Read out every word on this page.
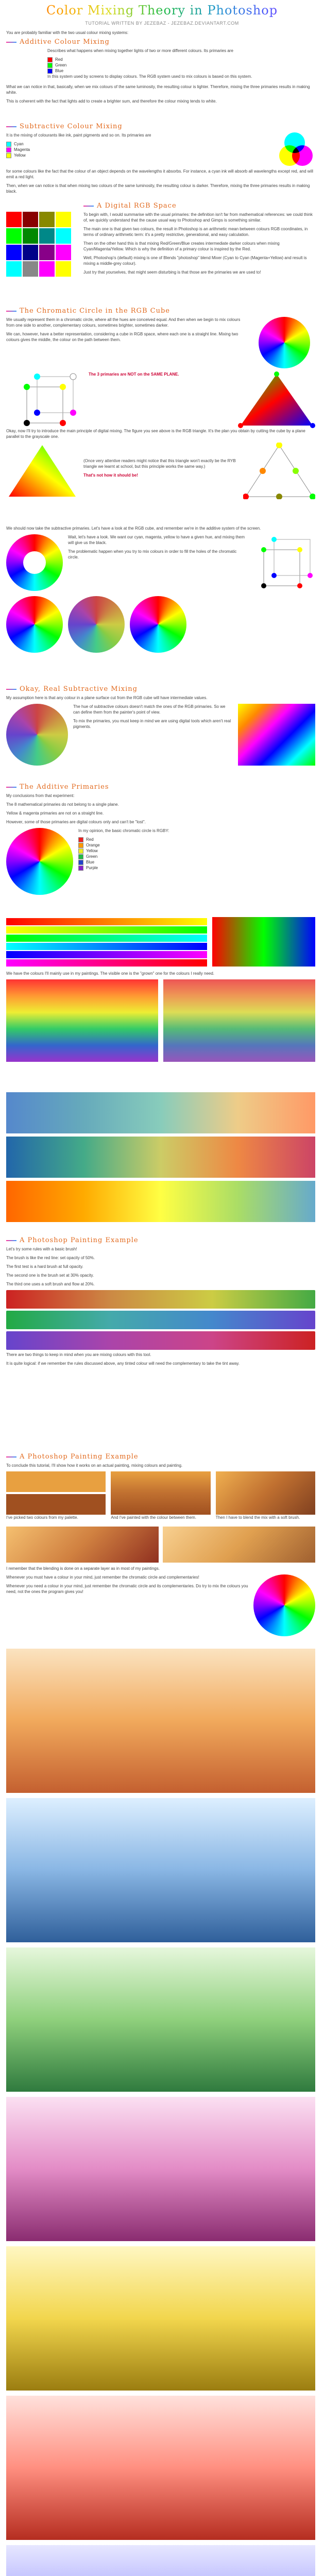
Color Mixing Theory in Photoshop
TUTORIAL WRITTEN BY JEZEBAZ - JEZEBAZ.DEVIANTART.COM

You are probably familiar with the two usual colour mixing systems:

Additive Colour Mixing

Describes what happens when mixing together lights of two or more different colours. Its primaries are

Red
Green
Blue

In this system used by screens to display colours. The RGB system used to mix colours is based on this system.

What we can notice in that, basically, when we mix colours of the same luminosity, the resulting colour is lighter. Therefore, mixing the three primaries results in making white.

This is coherent with the fact that lights add to create a brighter sum, and therefore the colour mixing tends to white.

Subtractive Colour Mixing

It is the mixing of colourants like ink, paint pigments and so on. Its primaries are

Cyan
Magenta
Yellow

for some colours like the fact that the colour of an object depends on the wavelengths it absorbs. For instance, a cyan ink will absorb all wavelengths except red, and will emit a red light.

Then, when we can notice is that when mixing two colours of the same luminosity, the resulting colour is darker. Therefore, mixing the three primaries results in making black.

A Digital RGB Space

To begin with, I would summarise with the usual primaries: the definition isn't far from mathematical references: we could think of, we quickly understand that the cause usual way to Photoshop and Gimps is something similar.

The main one is that given two colours, the result in Photoshop is an arithmetic mean between colours RGB coordinates, in terms of ordinary arithmetic term: it's a pretty restrictive, generational, and easy calculation.

Then on the other hand this is that mixing Red/Green/Blue creates intermediate darker colours when mixing Cyan/Magenta/Yellow. Which is why the definition of a primary colour is inspired by the Red.

Well, Photoshop's (default) mixing is one of Blends "photoshop" blend Mixer (Cyan to Cyan (Magenta+Yellow) and result is mixing a middle-grey colour).

Just try that yourselves, that might seem disturbing is that those are the primaries we are used to!

The Chromatic Circle in the RGB Cube

We usually represent them in a chromatic circle, where all the hues are conceived equal. And then when we begin to mix colours from one side to another, complementary colours, sometimes brighter, sometimes darker.

We can, however, have a better representation, considering a cube in RGB space, where each one is a straight line. Mixing two colours gives the middle, the colour on the path between them.

The 3 primaries are NOT on the SAME PLANE.

Okay, now I'll try to introduce the main principle of digital mixing. The figure you see above is the RGB triangle. It's the plan you obtain by cutting the cube by a plane parallel to the grayscale one.

(Once very attentive readers might notice that this triangle won't exactly be the RYB triangle we learnt at school, but this principle works the same way.)

That's not how it should be!

We should now take the subtractive primaries. Let's have a look at the RGB cube, and remember we're in the additive system of the screen.

Wait, let's have a look. We want our cyan, magenta, yellow to have a given hue, and mixing them will give us the black.

The problematic happen when you try to mix colours in order to fill the holes of the chromatic circle.

Okay, Real Subtractive Mixing

My assumption here is that any colour in a plane surface cut from the RGB cube will have intermediate values.

The hue of subtractive colours doesn't match the ones of the RGB primaries. So we can define them from the painter's point of view.

To mix the primaries, you must keep in mind we are using digital tools which aren't real pigments.

The Additive Primaries

My conclusions from that experiment:

The 8 mathematical primaries do not belong to a single plane.

Yellow & magenta primaries are not on a straight line.

However, some of those primaries are digital colours only and can't be "lost".

In my opinion, the basic chromatic circle is RGBY:

Red
Orange
Yellow
Green
Blue
Purple

We have the colours I'll mainly use in my paintings. The visible one is the "grown" one for the colours I really need.

A Photoshop Painting Example

Let's try some rules with a basic brush!

The brush is like the red line: set opacity of 50%.

The first test is a hard brush at full opacity.

The second one is the brush set at 30% opacity.

The third one uses a soft brush and flow at 20%.

There are two things to keep in mind when you are mixing colours with this tool.

It is quite logical: if we remember the rules discussed above, any tinted colour will need the complementary to take the tint away.

A Photoshop Painting Example

To conclude this tutorial, I'll show how it works on an actual painting, mixing colours and painting.

I've picked two colours from my palette.	And I've painted with the colour between them.	Then I have to blend the mix with a soft brush.

I remember that the blending is done on a separate layer as in most of my paintings.

Whenever you must have a colour in your mind, just remember the chromatic circle and complementaries!

Whenever you need a colour in your mind, just remember the chromatic circle and its complementaries. Do try to mix the colours you need, not the ones the program gives you!
